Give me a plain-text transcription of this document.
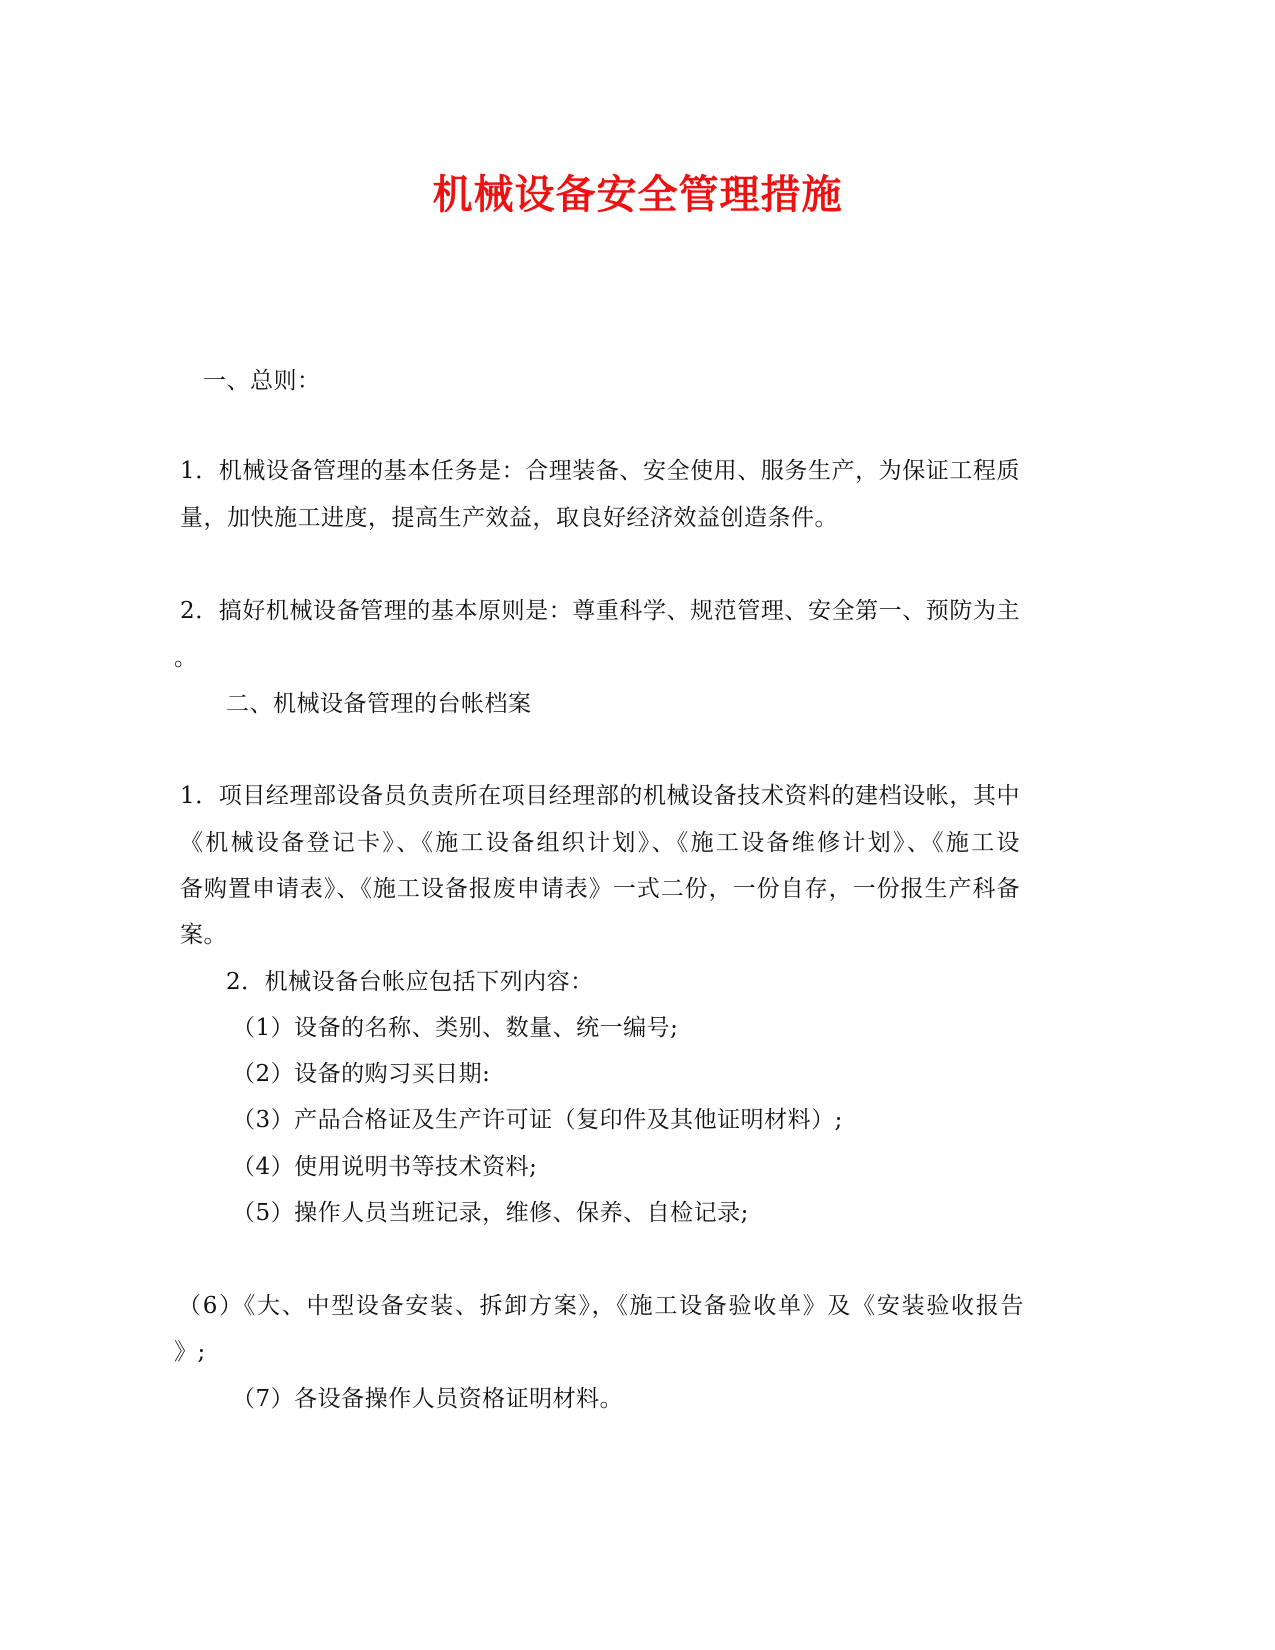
机械设备安全管理措施
一、总则：
1．机械设备管理的基本任务是：合理装备、安全使用、服务生产，为保证工程质
量，加快施工进度，提高生产效益，取良好经济效益创造条件。
2．搞好机械设备管理的基本原则是：尊重科学、规范管理、安全第一、预防为主
。
二、机械设备管理的台帐档案
1．项目经理部设备员负责所在项目经理部的机械设备技术资料的建档设帐，其中
《机械设备登记卡》、《施工设备组织计划》、《施工设备维修计划》、《施工设
备购置申请表》、《施工设备报废申请表》一式二份，一份自存，一份报生产科备
案。
2．机械设备台帐应包括下列内容：
（1）设备的名称、类别、数量、统一编号;
（2）设备的购习买日期:
（3）产品合格证及生产许可证（复印件及其他证明材料）;
（4）使用说明书等技术资料;
（5）操作人员当班记录，维修、保养、自检记录;
（6）《大、中型设备安装、拆卸方案》，《施工设备验收单》及《安装验收报告
》;
（7）各设备操作人员资格证明材料。
